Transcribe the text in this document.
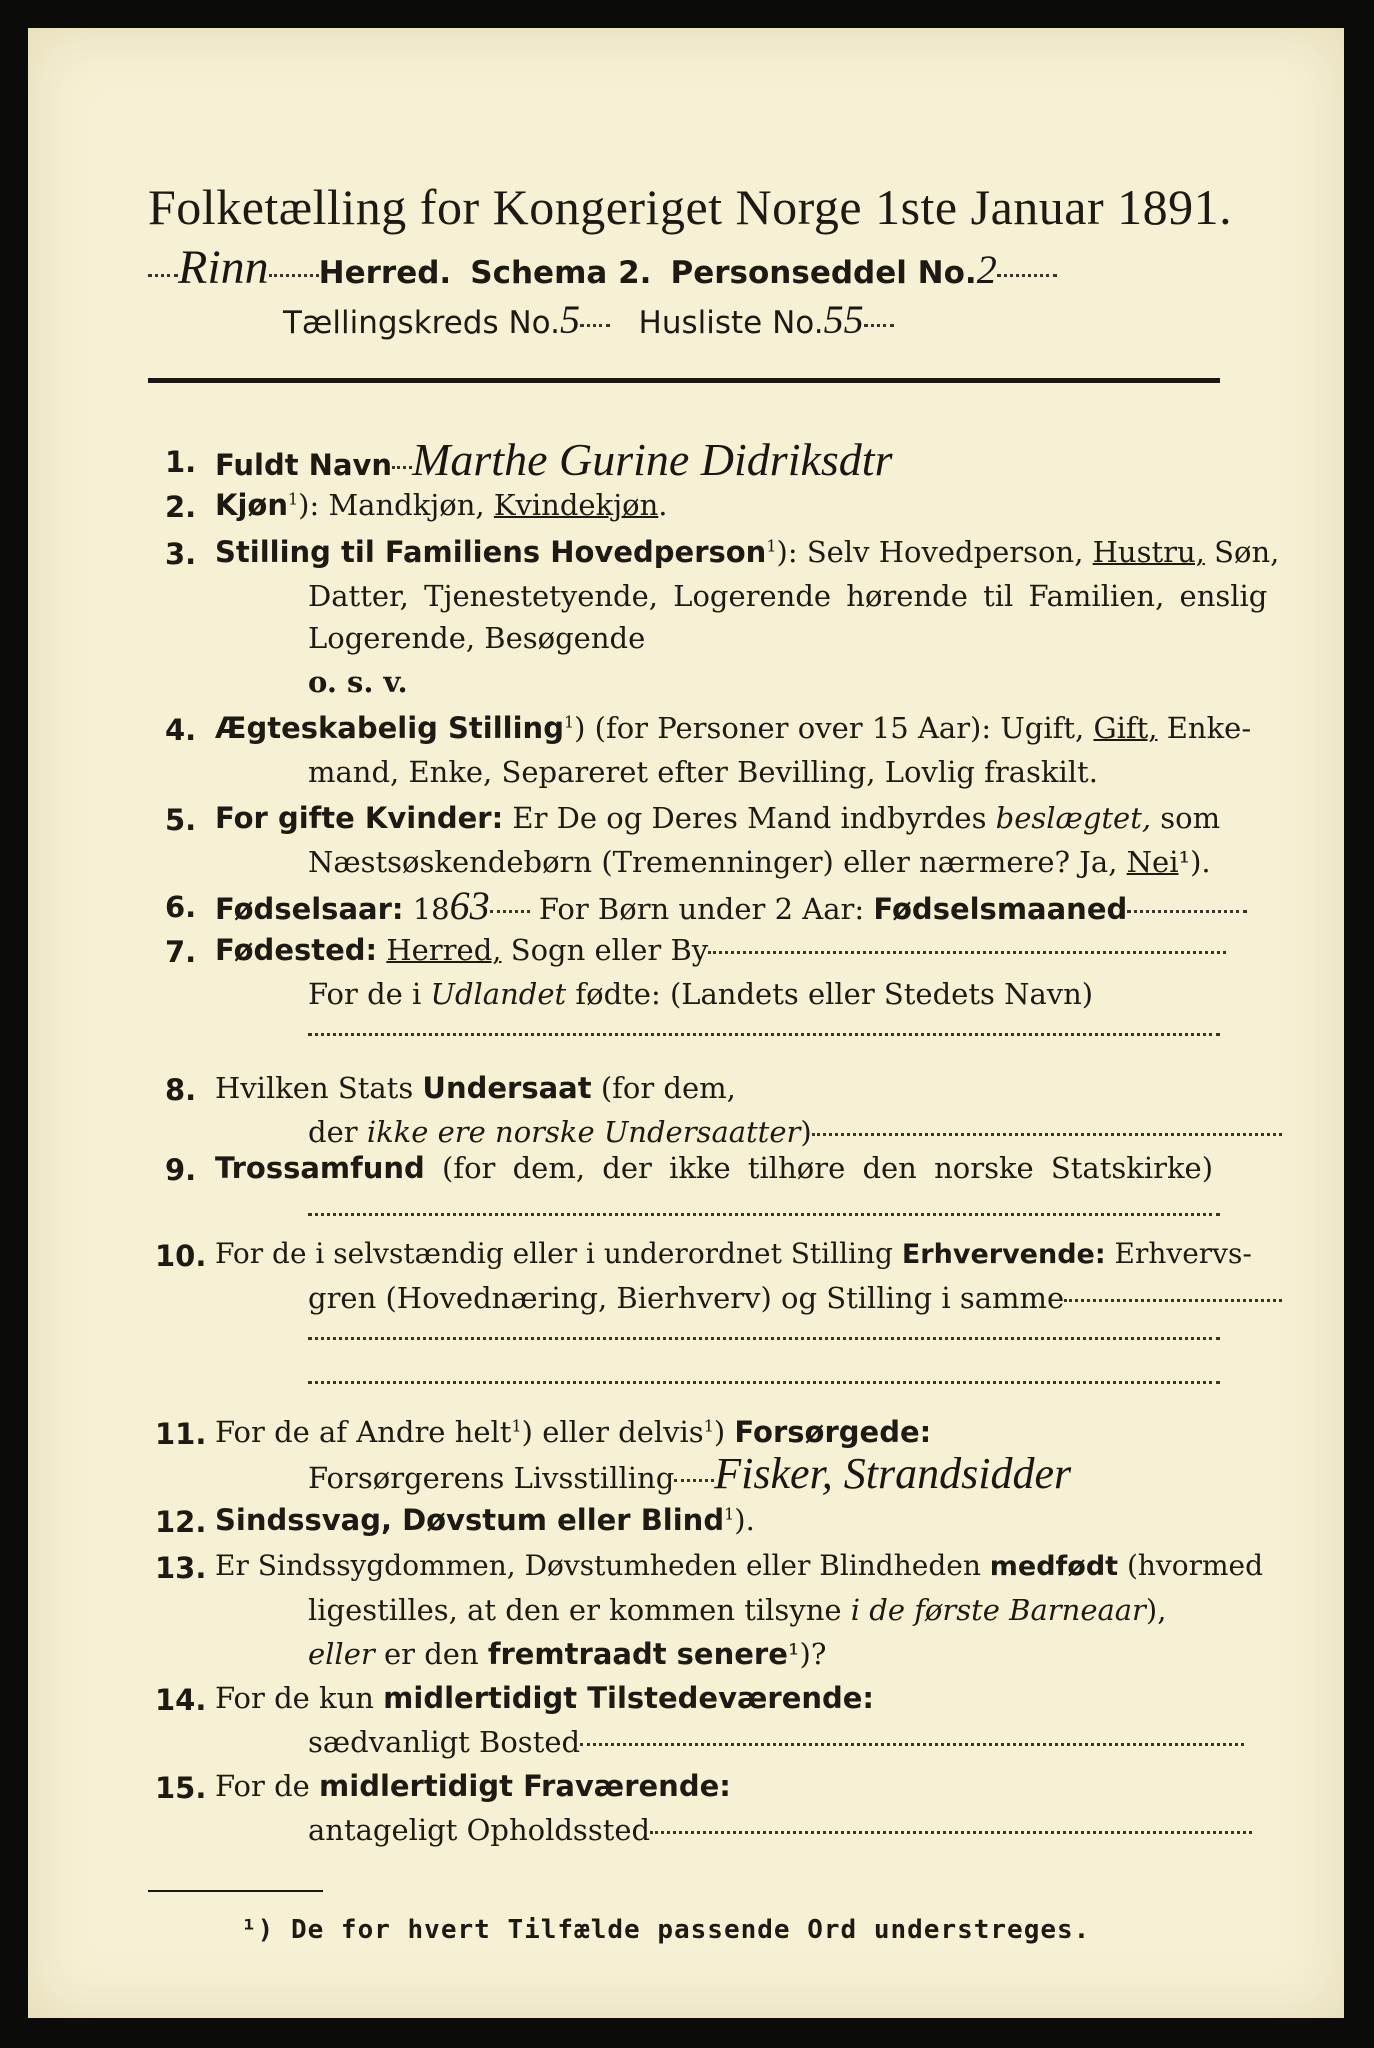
Folketælling for Kongeriget Norge 1ste Januar 1891.
Rinn Herred. Schema 2. Personseddel No.2
Tællingskreds No.5 Husliste No.55
1. Fuldt Navn Marthe Gurine Didriksdtr
2. Kjøn$^1$): Mandkjøn, Kvindekjøn.
3. Stilling til Familiens Hovedperson$^1$): Selv Hovedperson, Hustru, Søn,
Datter, Tjenestetyende, Logerende hørende til Familien, enslig
Logerende, Besøgende
o. s. v.
4. Ægteskabelig Stilling$^1$) (for Personer over 15 Aar): Ugift, Gift, Enke-
mand, Enke, Separeret efter Bevilling, Lovlig fraskilt.
5. For gifte Kvinder: Er De og Deres Mand indbyrdes beslægtet, som
Næstsøskendebørn (Tremenninger) eller nærmere? Ja, Nei¹).
6. Fødselsaar: 1863 For Børn under 2 Aar: Fødselsmaaned
7. Fødested: Herred, Sogn eller By
For de i Udlandet fødte: (Landets eller Stedets Navn)
8. Hvilken Stats Undersaat (for dem,
der ikke ere norske Undersaatter)
9. Trossamfund (for dem, der ikke tilhøre den norske Statskirke)
10. For de i selvstændig eller i underordnet Stilling Erhvervende: Erhvervs-
gren (Hovednæring, Bierhverv) og Stilling i samme
11. For de af Andre helt$^1$) eller delvis$^1$) Forsørgede:
Forsørgerens Livsstilling Fisker, Strandsidder
12. Sindssvag, Døvstum eller Blind$^1$).
13. Er Sindssygdommen, Døvstumheden eller Blindheden medfødt (hvormed
ligestilles, at den er kommen tilsyne i de første Barneaar),
eller er den fremtraadt senere¹)?
14. For de kun midlertidigt Tilstedeværende:
sædvanligt Bosted
15. For de midlertidigt Fraværende:
antageligt Opholdssted
¹) De for hvert Tilfælde passende Ord understreges.
